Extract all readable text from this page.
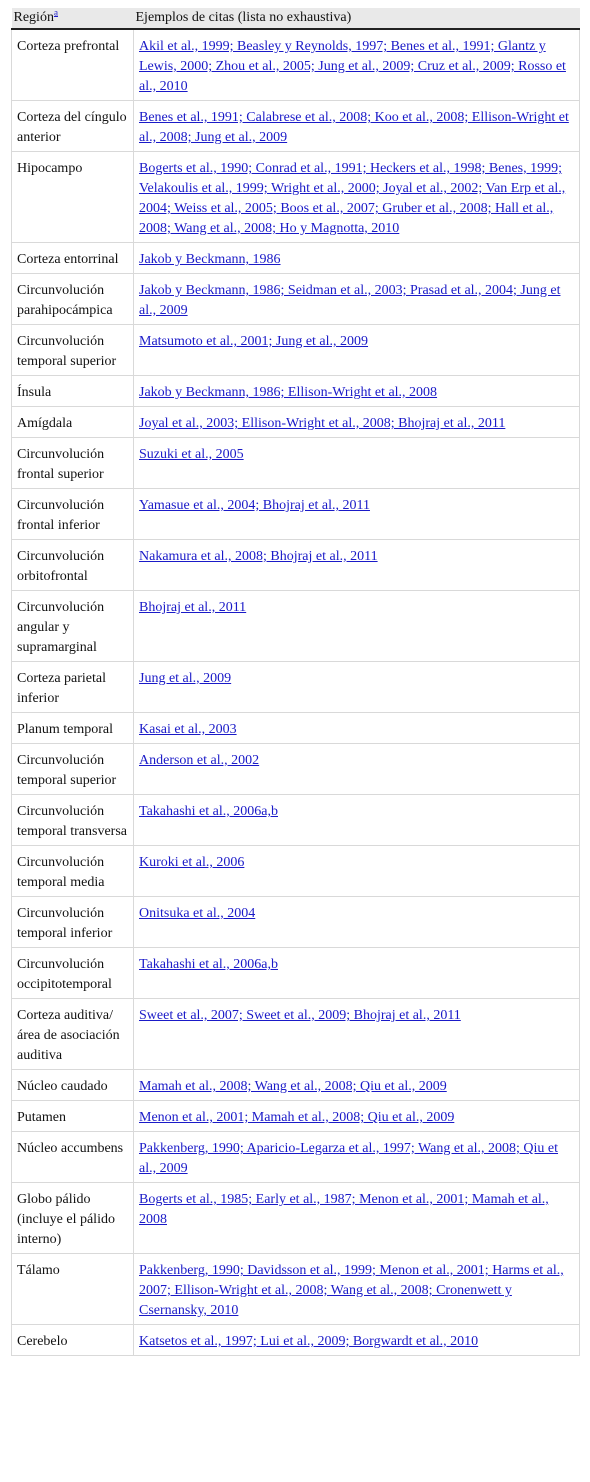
Región$^a$	Ejemplos de citas (lista no exhaustiva)
Corteza prefrontal	Akil et al., 1999; Beasley y Reynolds, 1997; Benes et al., 1991; Glantz y Lewis, 2000; Zhou et al., 2005; Jung et al., 2009; Cruz et al., 2009; Rosso et al., 2010
Corteza del cíngulo anterior	Benes et al., 1991; Calabrese et al., 2008; Koo et al., 2008; Ellison-Wright et al., 2008; Jung et al., 2009
Hipocampo	Bogerts et al., 1990; Conrad et al., 1991; Heckers et al., 1998; Benes, 1999; Velakoulis et al., 1999; Wright et al., 2000; Joyal et al., 2002; Van Erp et al., 2004; Weiss et al., 2005; Boos et al., 2007; Gruber et al., 2008; Hall et al., 2008; Wang et al., 2008; Ho y Magnotta, 2010
Corteza entorrinal	Jakob y Beckmann, 1986
Circunvolución parahipocámpica	Jakob y Beckmann, 1986; Seidman et al., 2003; Prasad et al., 2004; Jung et al., 2009
Circunvolución temporal superior	Matsumoto et al., 2001; Jung et al., 2009
Ínsula	Jakob y Beckmann, 1986; Ellison-Wright et al., 2008
Amígdala	Joyal et al., 2003; Ellison-Wright et al., 2008; Bhojraj et al., 2011
Circunvolución frontal superior	Suzuki et al., 2005
Circunvolución frontal inferior	Yamasue et al., 2004; Bhojraj et al., 2011
Circunvolución orbitofrontal	Nakamura et al., 2008; Bhojraj et al., 2011
Circunvolución angular y supramarginal	Bhojraj et al., 2011
Corteza parietal inferior	Jung et al., 2009
Planum temporal	Kasai et al., 2003
Circunvolución temporal superior	Anderson et al., 2002
Circunvolución temporal transversa	Takahashi et al., 2006a,b
Circunvolución temporal media	Kuroki et al., 2006
Circunvolución temporal inferior	Onitsuka et al., 2004
Circunvolución occipitotemporal	Takahashi et al., 2006a,b
Corteza auditiva/área de asociación auditiva	Sweet et al., 2007; Sweet et al., 2009; Bhojraj et al., 2011
Núcleo caudado	Mamah et al., 2008; Wang et al., 2008; Qiu et al., 2009
Putamen	Menon et al., 2001; Mamah et al., 2008; Qiu et al., 2009
Núcleo accumbens	Pakkenberg, 1990; Aparicio-Legarza et al., 1997; Wang et al., 2008; Qiu et al., 2009
Globo pálido (incluye el pálido interno)	Bogerts et al., 1985; Early et al., 1987; Menon et al., 2001; Mamah et al., 2008
Tálamo	Pakkenberg, 1990; Davidsson et al., 1999; Menon et al., 2001; Harms et al., 2007; Ellison-Wright et al., 2008; Wang et al., 2008; Cronenwett y Csernansky, 2010
Cerebelo	Katsetos et al., 1997; Lui et al., 2009; Borgwardt et al., 2010
